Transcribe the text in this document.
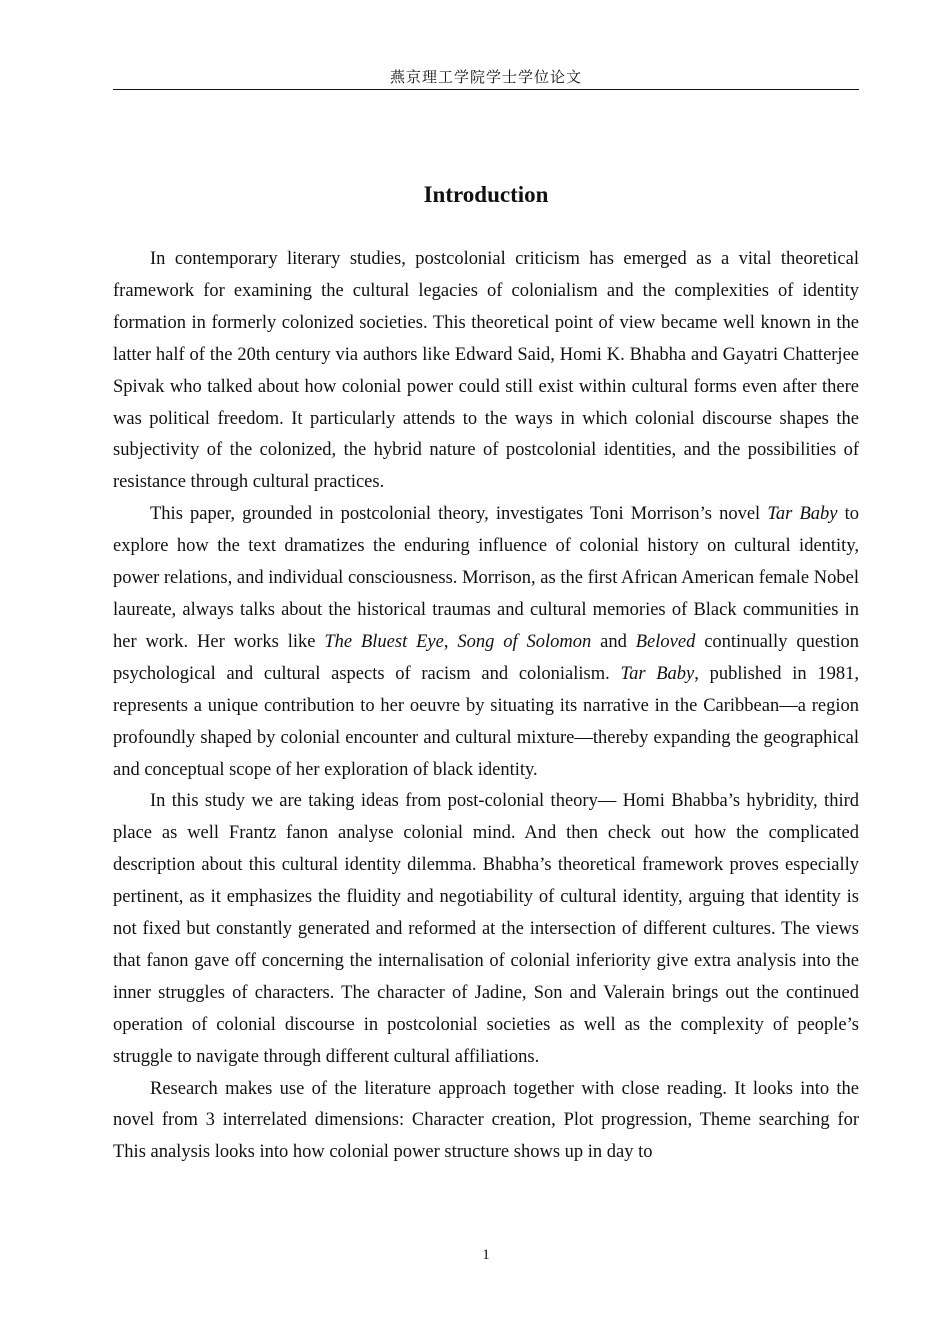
燕京理工学院学士学位论文
Introduction

In contemporary literary studies, postcolonial criticism has emerged as a vital theoretical framework for examining the cultural legacies of colonialism and the complexities of identity formation in formerly colonized societies. This theoretical point of view became well known in the latter half of the 20th century via authors like Edward Said, Homi K. Bhabha and Gayatri Chatterjee Spivak who talked about how colonial power could still exist within cultural forms even after there was political freedom. It particularly attends to the ways in which colonial discourse shapes the subjectivity of the colonized, the hybrid nature of postcolonial identities, and the possibilities of resistance through cultural practices.

This paper, grounded in postcolonial theory, investigates Toni Morrison’s novel Tar Baby to explore how the text dramatizes the enduring influence of colonial history on cultural identity, power relations, and individual consciousness. Morrison, as the first African American female Nobel laureate, always talks about the historical traumas and cultural memories of Black communities in her work. Her works like The Bluest Eye, Song of Solomon and Beloved continually question psychological and cultural aspects of racism and colonialism. Tar Baby, published in 1981, represents a unique contribution to her oeuvre by situating its narrative in the Caribbean—a region profoundly shaped by colonial encounter and cultural mixture—thereby expanding the geographical and conceptual scope of her exploration of black identity.

In this study we are taking ideas from post-colonial theory— Homi Bhabba’s hybridity, third place as well Frantz fanon analyse colonial mind. And then check out how the complicated description about this cultural identity dilemma. Bhabha’s theoretical framework proves especially pertinent, as it emphasizes the fluidity and negotiability of cultural identity, arguing that identity is not fixed but constantly generated and reformed at the intersection of different cultures. The views that fanon gave off concerning the internalisation of colonial inferiority give extra analysis into the inner struggles of characters. The character of Jadine, Son and Valerain brings out the continued operation of colonial discourse in postcolonial societies as well as the complexity of people’s struggle to navigate through different cultural affiliations.

Research makes use of the literature approach together with close reading. It looks into the novel from 3 interrelated dimensions: Character creation, Plot progression, Theme searching for This analysis looks into how colonial power structure shows up in day to

1
